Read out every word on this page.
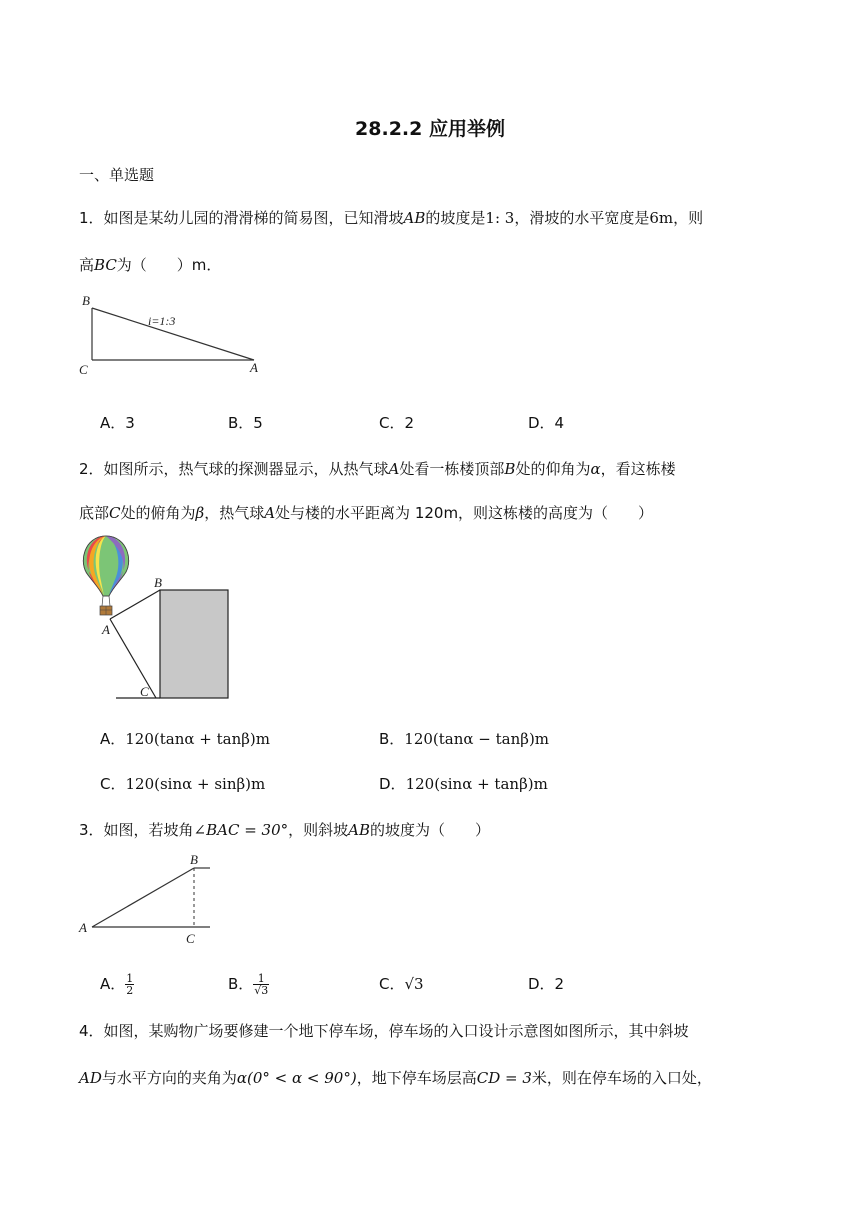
28.2.2 应用举例
一、单选题
1．如图是某幼儿园的滑滑梯的简易图，已知滑坡AB的坡度是1: 3，滑坡的水平宽度是6m，则
高BC为（　　）m．
B
C	A
i=1:3
A．3	B．5	C．2	D．4
2．如图所示，热气球的探测器显示，从热气球A处看一栋楼顶部B处的仰角为α，看这栋楼
底部C处的俯角为β，热气球A处与楼的水平距离为 120m，则这栋楼的高度为（　　）
B
A
C
A．120(tanα + tanβ)m	B．120(tanα − tanβ)m
C．120(sinα + sinβ)m	D．120(sinα + tanβ)m
3．如图，若坡角∠BAC = 30°，则斜坡AB的坡度为（　　）
A
B
C
A． $\frac{1}{2}$	B． $\frac{1}{√3}$	C．√3	D．2
4．如图，某购物广场要修建一个地下停车场，停车场的入口设计示意图如图所示，其中斜坡
AD与水平方向的夹角为α(0° < α < 90°)，地下停车场层高CD = 3米，则在停车场的入口处，
